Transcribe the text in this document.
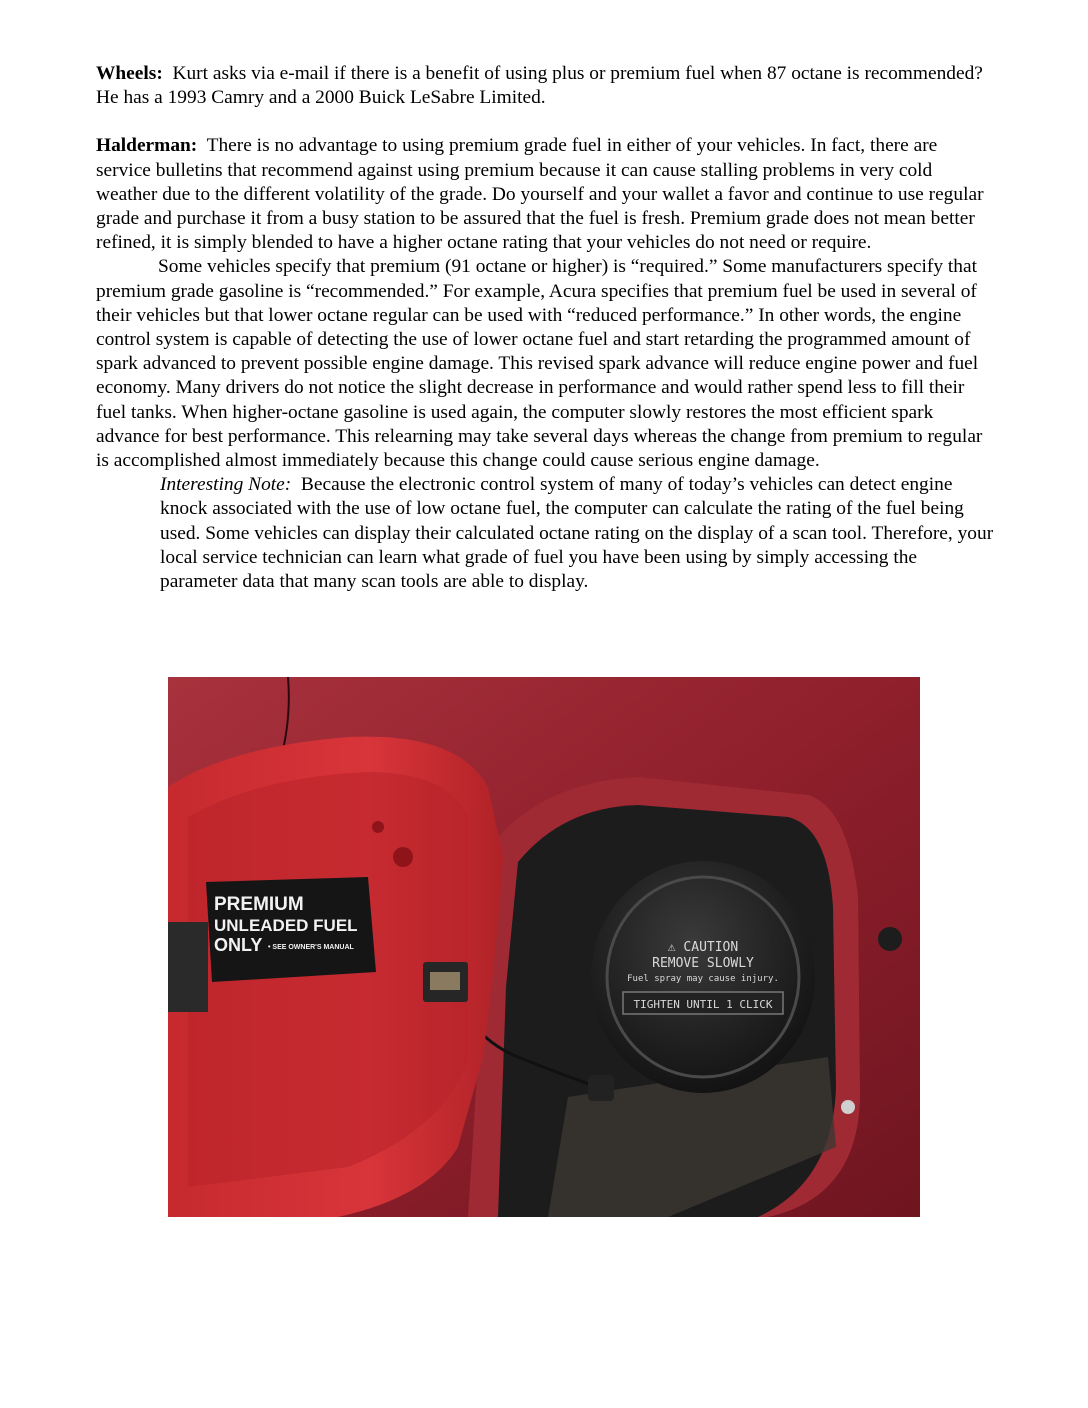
Wheels: Kurt asks via e-mail if there is a benefit of using plus or premium fuel when 87 octane is recommended? He has a 1993 Camry and a 2000 Buick LeSabre Limited.

Halderman: There is no advantage to using premium grade fuel in either of your vehicles. In fact, there are service bulletins that recommend against using premium because it can cause stalling problems in very cold weather due to the different volatility of the grade. Do yourself and your wallet a favor and continue to use regular grade and purchase it from a busy station to be assured that the fuel is fresh. Premium grade does not mean better refined, it is simply blended to have a higher octane rating that your vehicles do not need or require.

Some vehicles specify that premium (91 octane or higher) is “required.” Some manufacturers specify that premium grade gasoline is “recommended.” For example, Acura specifies that premium fuel be used in several of their vehicles but that lower octane regular can be used with “reduced performance.” In other words, the engine control system is capable of detecting the use of lower octane fuel and start retarding the programmed amount of spark advanced to prevent possible engine damage. This revised spark advance will reduce engine power and fuel economy. Many drivers do not notice the slight decrease in performance and would rather spend less to fill their fuel tanks. When higher-octane gasoline is used again, the computer slowly restores the most efficient spark advance for best performance. This relearning may take several days whereas the change from premium to regular is accomplished almost immediately because this change could cause serious engine damage.

Interesting Note: Because the electronic control system of many of today’s vehicles can detect engine knock associated with the use of low octane fuel, the computer can calculate the rating of the fuel being used. Some vehicles can display their calculated octane rating on the display of a scan tool. Therefore, your local service technician can learn what grade of fuel you have been using by simply accessing the parameter data that many scan tools are able to display.

⚠ CAUTION
REMOVE SLOWLY
Fuel spray may cause injury.
TIGHTEN UNTIL 1 CLICK
PREMIUM
UNLEADED FUEL
ONLY • SEE OWNER'S MANUAL
